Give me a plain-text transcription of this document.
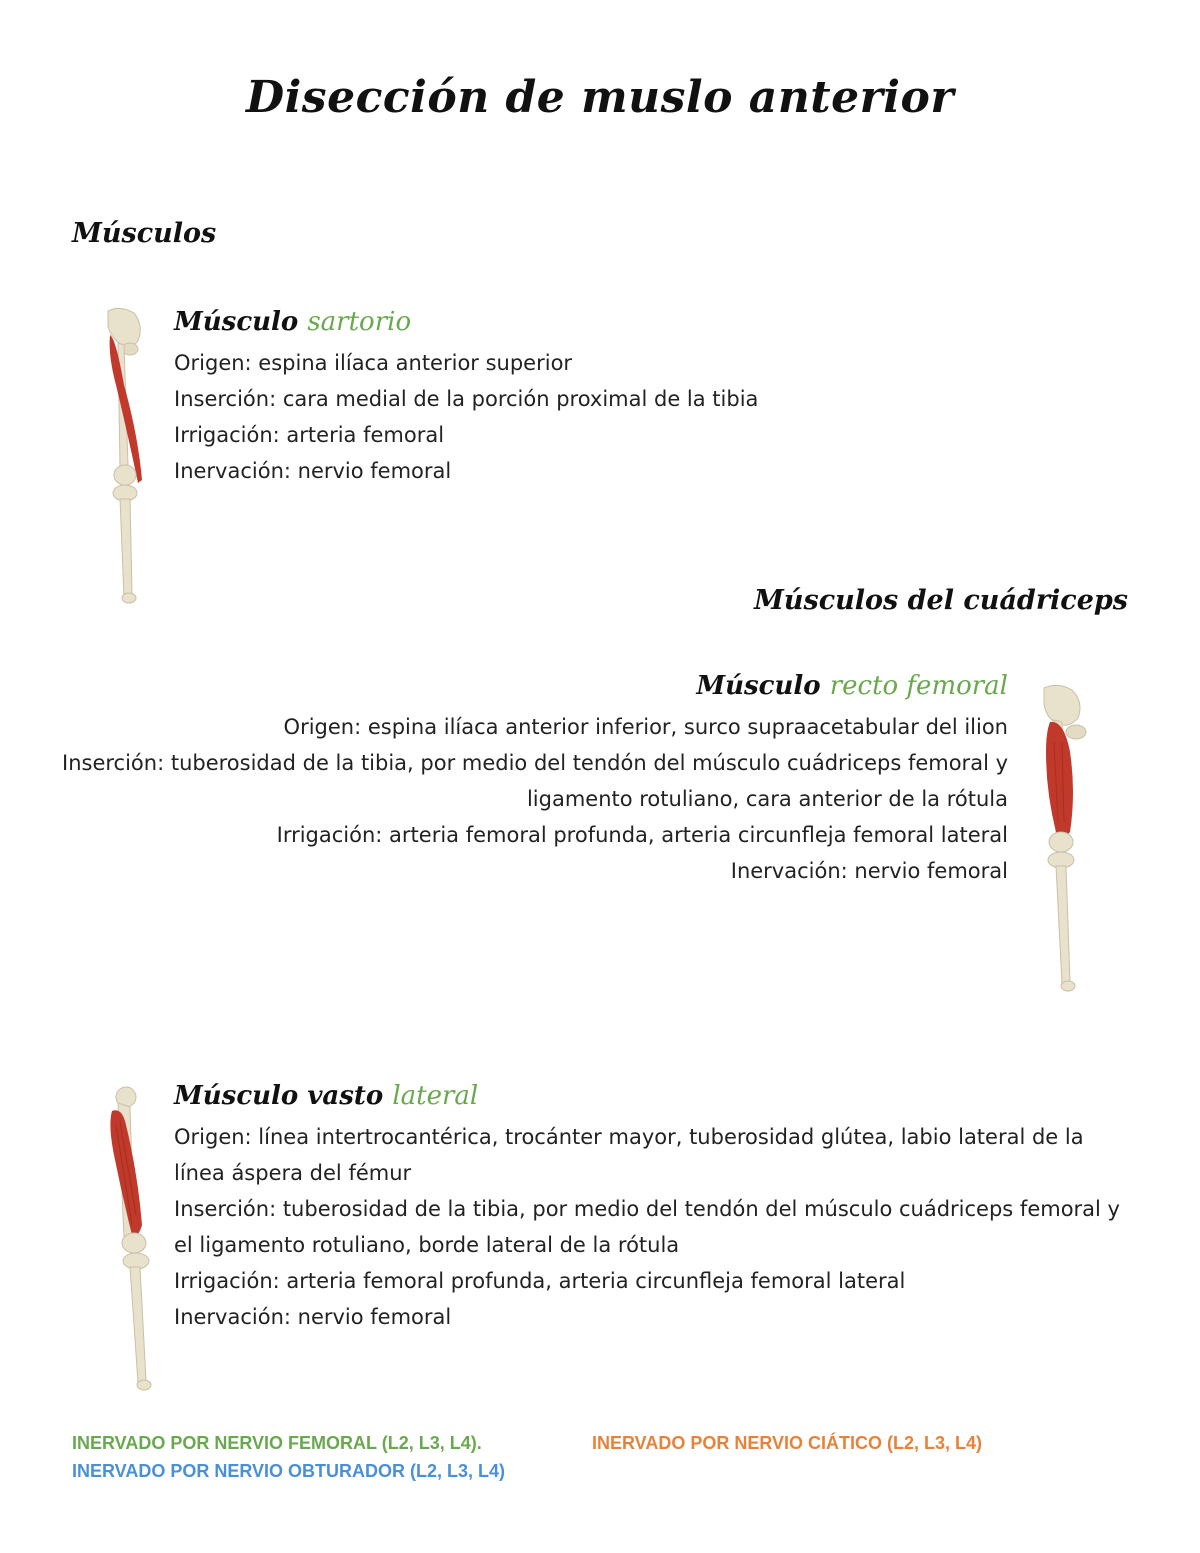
Disección de muslo anterior
Músculos
Músculo sartorio
Origen: espina ilíaca anterior superior
Inserción: cara medial de la porción proximal de la tibia
Irrigación: arteria femoral
Inervación: nervio femoral
Músculos del cuádriceps
Músculo recto femoral
Origen: espina ilíaca anterior inferior, surco supraacetabular del ilion
Inserción: tuberosidad de la tibia, por medio del tendón del músculo cuádriceps femoral y
ligamento rotuliano, cara anterior de la rótula
Irrigación: arteria femoral profunda, arteria circunfleja femoral lateral
Inervación: nervio femoral
Músculo vasto lateral
Origen: línea intertrocantérica, trocánter mayor, tuberosidad glútea, labio lateral de la
línea áspera del fémur
Inserción: tuberosidad de la tibia, por medio del tendón del músculo cuádriceps femoral y
el ligamento rotuliano, borde lateral de la rótula
Irrigación: arteria femoral profunda, arteria circunfleja femoral lateral
Inervación: nervio femoral
INERVADO POR NERVIO FEMORAL (L2, L3, L4).
INERVADO POR NERVIO OBTURADOR (L2, L3, L4)
INERVADO POR NERVIO CIÁTICO (L2, L3, L4)
